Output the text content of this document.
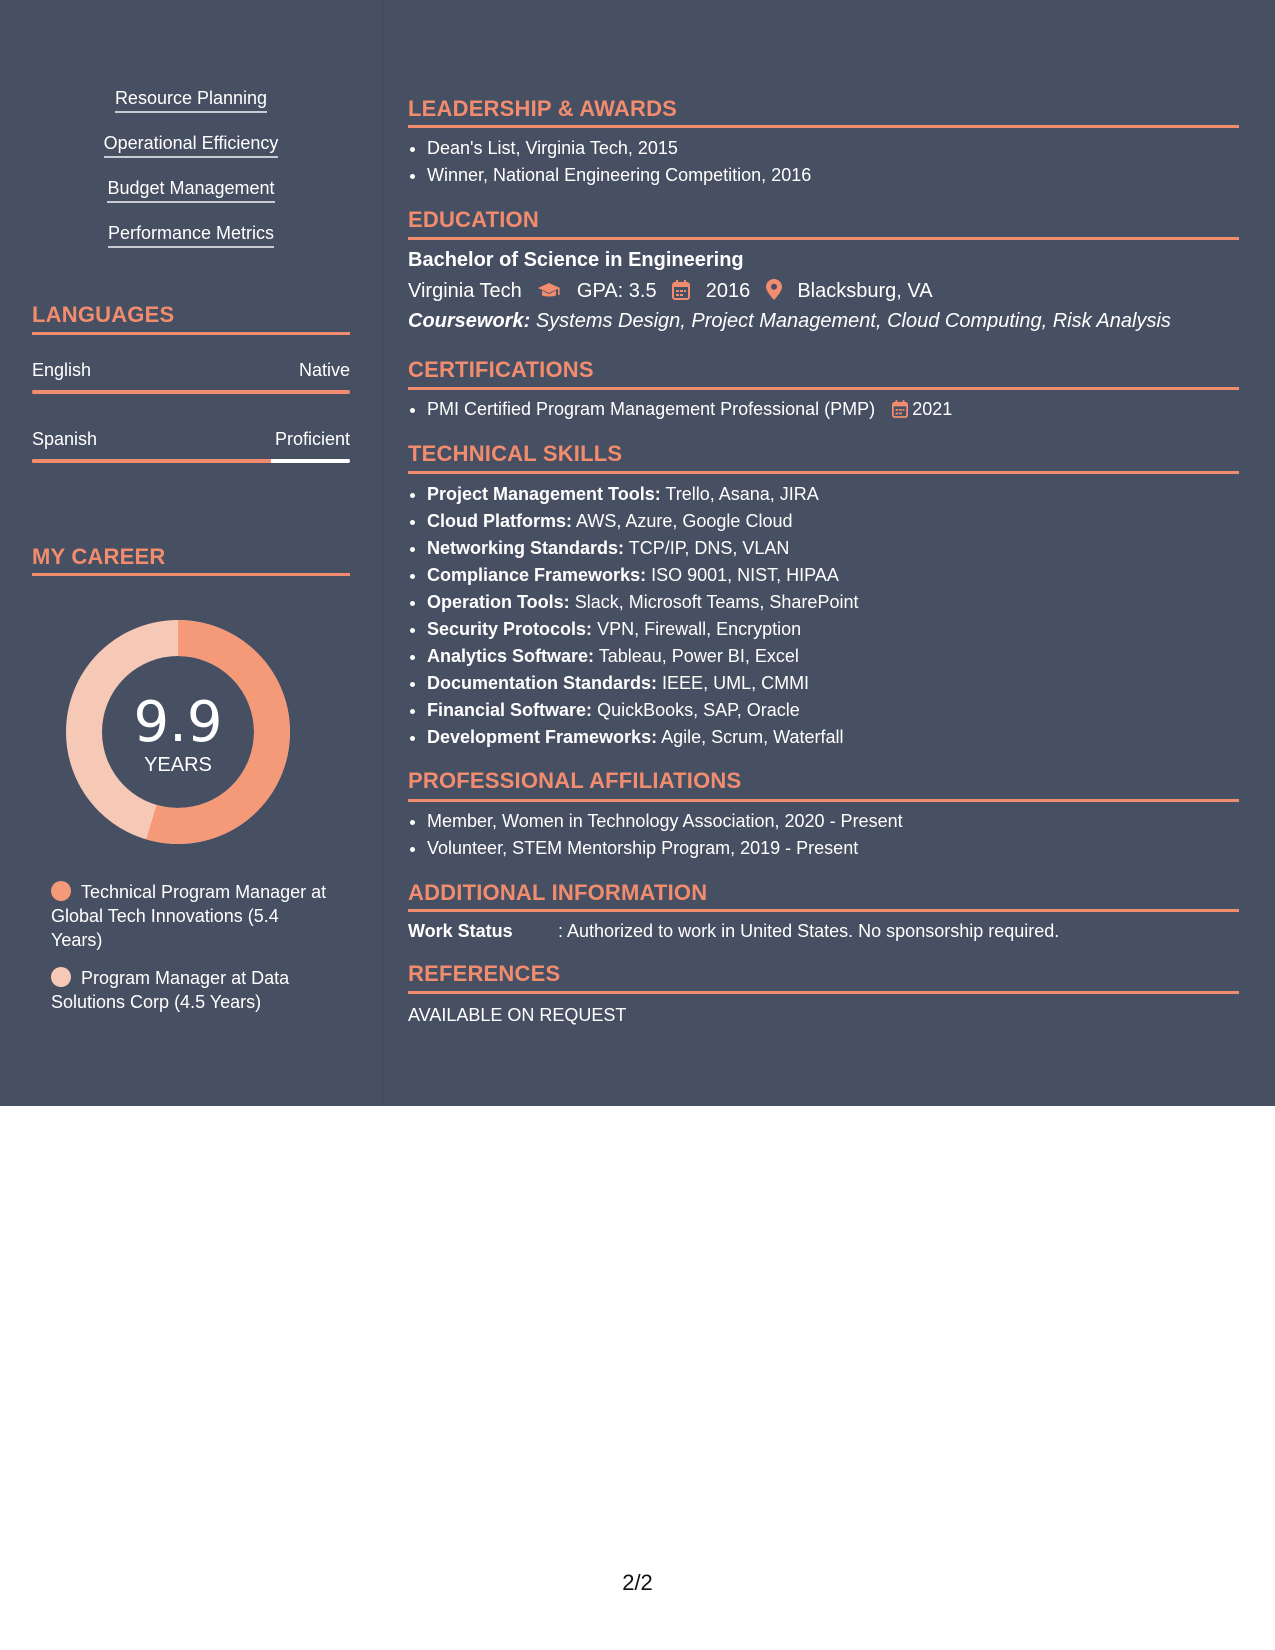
Resource Planning
Operational Efficiency
Budget Management
Performance Metrics
LANGUAGES
English	Native
Spanish	Proficient
MY CAREER
9.9
YEARS
Technical Program Manager at Global Tech Innovations (5.4 Years)
Program Manager at Data Solutions Corp (4.5 Years)
LEADERSHIP & AWARDS
• Dean's List, Virginia Tech, 2015
• Winner, National Engineering Competition, 2016
EDUCATION
Bachelor of Science in Engineering
Virginia Tech	GPA: 3.5 2016 Blacksburg, VA
Coursework: Systems Design, Project Management, Cloud Computing, Risk Analysis
CERTIFICATIONS
• PMI Certified Program Management Professional (PMP) 2021
TECHNICAL SKILLS
• Project Management Tools: Trello, Asana, JIRA
• Cloud Platforms: AWS, Azure, Google Cloud
• Networking Standards: TCP/IP, DNS, VLAN
• Compliance Frameworks: ISO 9001, NIST, HIPAA
• Operation Tools: Slack, Microsoft Teams, SharePoint
• Security Protocols: VPN, Firewall, Encryption
• Analytics Software: Tableau, Power BI, Excel
• Documentation Standards: IEEE, UML, CMMI
• Financial Software: QuickBooks, SAP, Oracle
• Development Frameworks: Agile, Scrum, Waterfall
PROFESSIONAL AFFILIATIONS
• Member, Women in Technology Association, 2020 - Present
• Volunteer, STEM Mentorship Program, 2019 - Present
ADDITIONAL INFORMATION
Work Status	: Authorized to work in United States. No sponsorship required.
REFERENCES
AVAILABLE ON REQUEST
2/2
